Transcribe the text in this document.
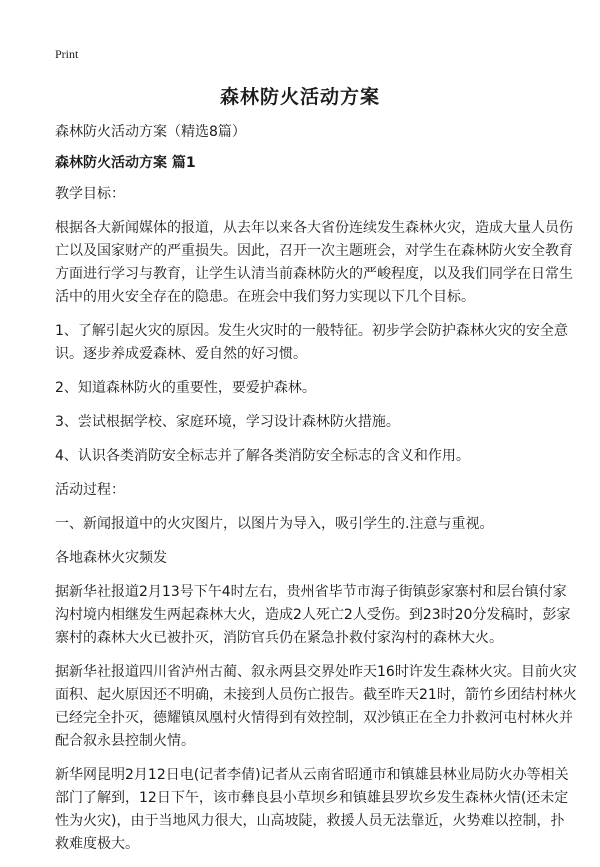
Print
森林防火活动方案

森林防火活动方案（精选8篇）

森林防火活动方案 篇1

教学目标：

根据各大新闻媒体的报道，从去年以来各大省份连续发生森林火灾，造成大量人员伤亡以及国家财产的严重损失。因此，召开一次主题班会，对学生在森林防火安全教育方面进行学习与教育，让学生认清当前森林防火的严峻程度，以及我们同学在日常生活中的用火安全存在的隐患。在班会中我们努力实现以下几个目标。

1、了解引起火灾的原因。发生火灾时的一般特征。初步学会防护森林火灾的安全意识。逐步养成爱森林、爱自然的好习惯。

2、知道森林防火的重要性，要爱护森林。

3、尝试根据学校、家庭环境，学习设计森林防火措施。

4、认识各类消防安全标志并了解各类消防安全标志的含义和作用。

活动过程：

一、新闻报道中的火灾图片，以图片为导入，吸引学生的.注意与重视。

各地森林火灾频发

据新华社报道2月13号下午4时左右，贵州省毕节市海子街镇彭家寨村和层台镇付家沟村境内相继发生两起森林大火，造成2人死亡2人受伤。到23时20分发稿时，彭家寨村的森林大火已被扑灭，消防官兵仍在紧急扑救付家沟村的森林大火。

据新华社报道四川省泸州古蔺、叙永两县交界处昨天16时许发生森林火灾。目前火灾面积、起火原因还不明确，未接到人员伤亡报告。截至昨天21时，箭竹乡团结村林火已经完全扑灭，德耀镇凤凰村火情得到有效控制，双沙镇正在全力扑救河屯村林火并配合叙永县控制火情。

新华网昆明2月12日电(记者李倩)记者从云南省昭通市和镇雄县林业局防火办等相关部门了解到，12日下午，该市彝良县小草坝乡和镇雄县罗坎乡发生森林火情(还未定性为火灾)，由于当地风力很大，山高坡陡，救援人员无法靠近，火势难以控制，扑救难度极大。
